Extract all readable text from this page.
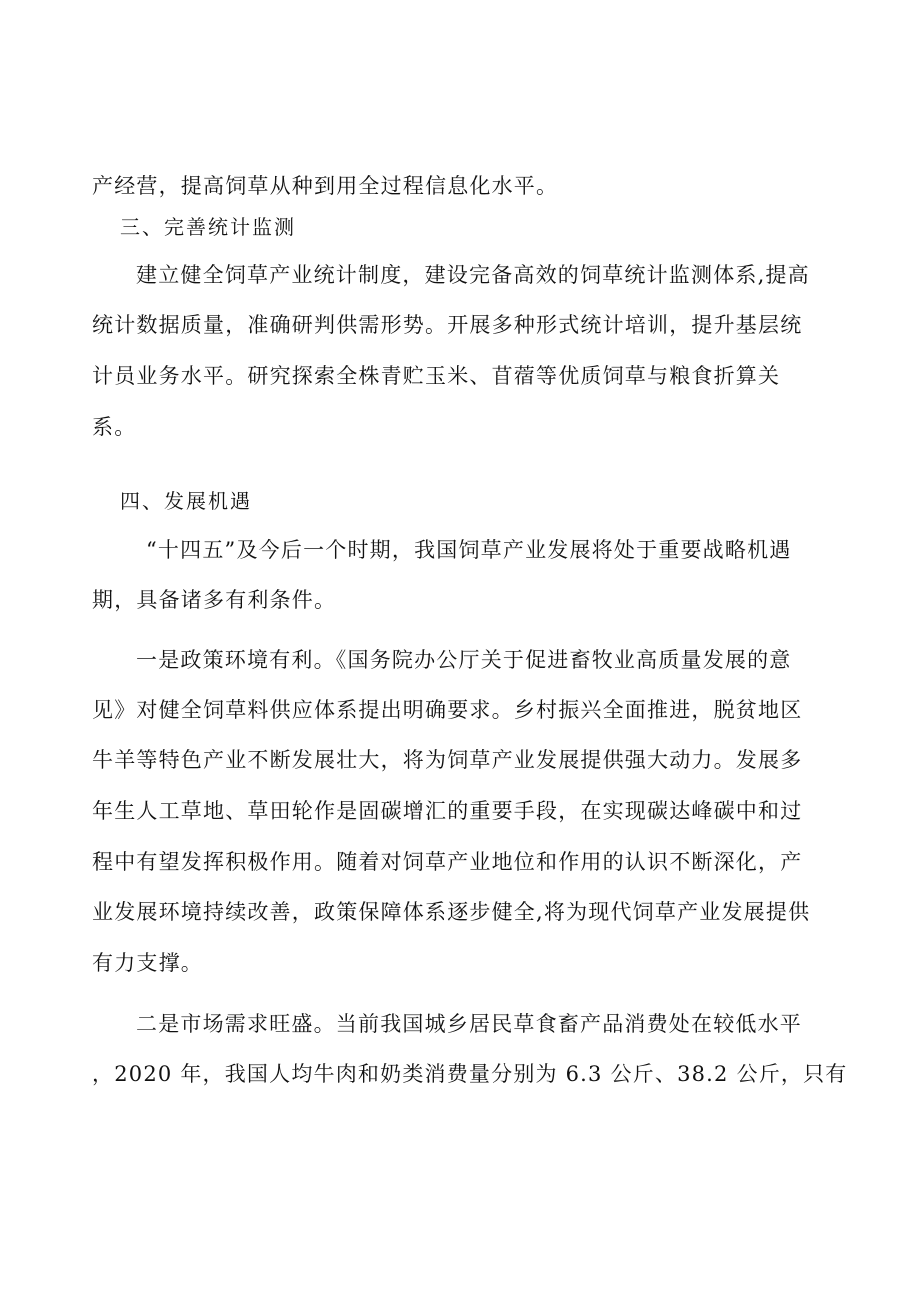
产经营，提高饲草从种到用全过程信息化水平。
三、完善统计监测
建立健全饲草产业统计制度，建设完备高效的饲草统计监测体系,提高
统计数据质量，准确研判供需形势。开展多种形式统计培训，提升基层统
计员业务水平。研究探索全株青贮玉米、苜蓿等优质饲草与粮食折算关
系。
四、发展机遇
“十四五”及今后一个时期，我国饲草产业发展将处于重要战略机遇
期，具备诸多有利条件。
一是政策环境有利。《国务院办公厅关于促进畜牧业高质量发展的意
见》对健全饲草料供应体系提出明确要求。乡村振兴全面推进，脱贫地区
牛羊等特色产业不断发展壮大，将为饲草产业发展提供强大动力。发展多
年生人工草地、草田轮作是固碳增汇的重要手段，在实现碳达峰碳中和过
程中有望发挥积极作用。随着对饲草产业地位和作用的认识不断深化，产
业发展环境持续改善，政策保障体系逐步健全,将为现代饲草产业发展提供
有力支撑。
二是市场需求旺盛。当前我国城乡居民草食畜产品消费处在较低水平
，2020 年，我国人均牛肉和奶类消费量分别为 6.3 公斤、38.2 公斤，只有
